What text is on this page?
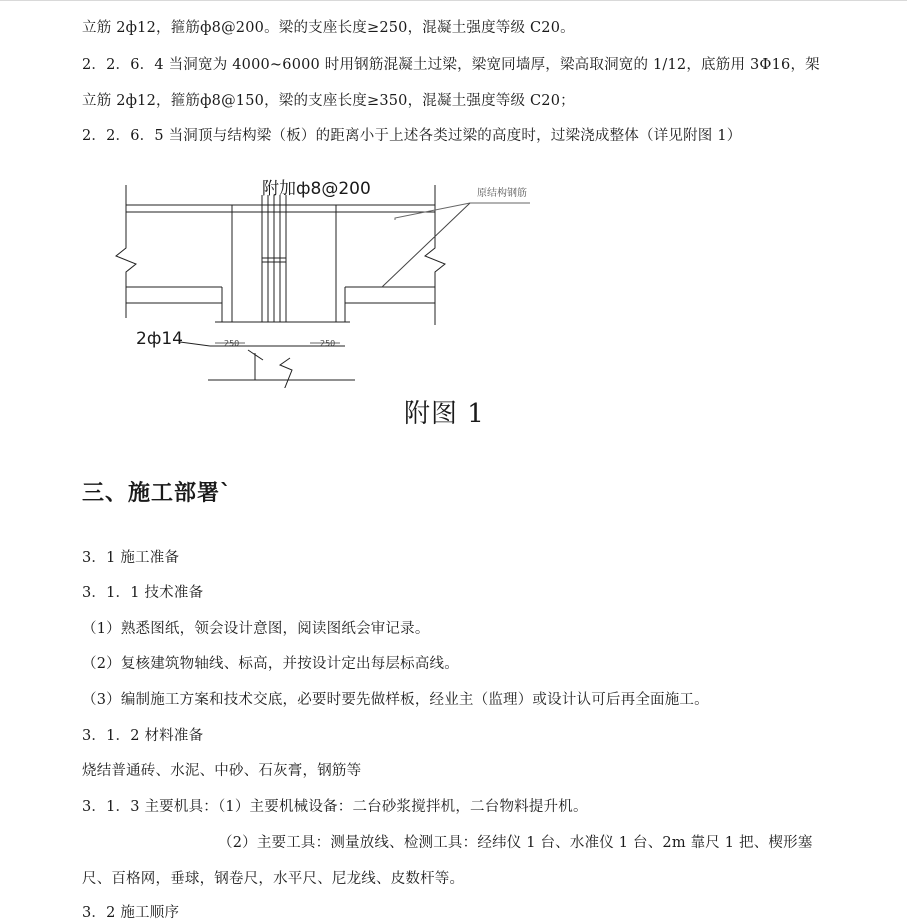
立筋 2ф12，箍筋ф8@200。梁的支座长度≥250，混凝土强度等级 C20。
2．2．6．4 当洞宽为 4000~6000 时用钢筋混凝土过梁，梁宽同墙厚，梁高取洞宽的 1/12，底筋用 3Ф16，架
立筋 2ф12，箍筋ф8@150，梁的支座长度≥350，混凝土强度等级 C20；
2．2．6．5 当洞顶与结构梁（板）的距离小于上述各类过梁的高度时，过梁浇成整体（详见附图 1）
附加ф8@200	原结构钢筋
2ф14	250	250
附图 1
三、施工部署`
3．1 施工准备
3．1．1 技术准备
（1）熟悉图纸，领会设计意图，阅读图纸会审记录。
（2）复核建筑物轴线、标高，并按设计定出每层标高线。
（3）编制施工方案和技术交底，必要时要先做样板，经业主（监理）或设计认可后再全面施工。
3．1．2 材料准备
烧结普通砖、水泥、中砂、石灰膏，钢筋等
3．1．3 主要机具：（1）主要机械设备：二台砂浆搅拌机，二台物料提升机。
（2）主要工具：测量放线、检测工具：经纬仪 1 台、水准仪 1 台、2m 靠尺 1 把、楔形塞
尺、百格网，垂球，钢卷尺，水平尺、尼龙线、皮数杆等。
3．2 施工顺序
